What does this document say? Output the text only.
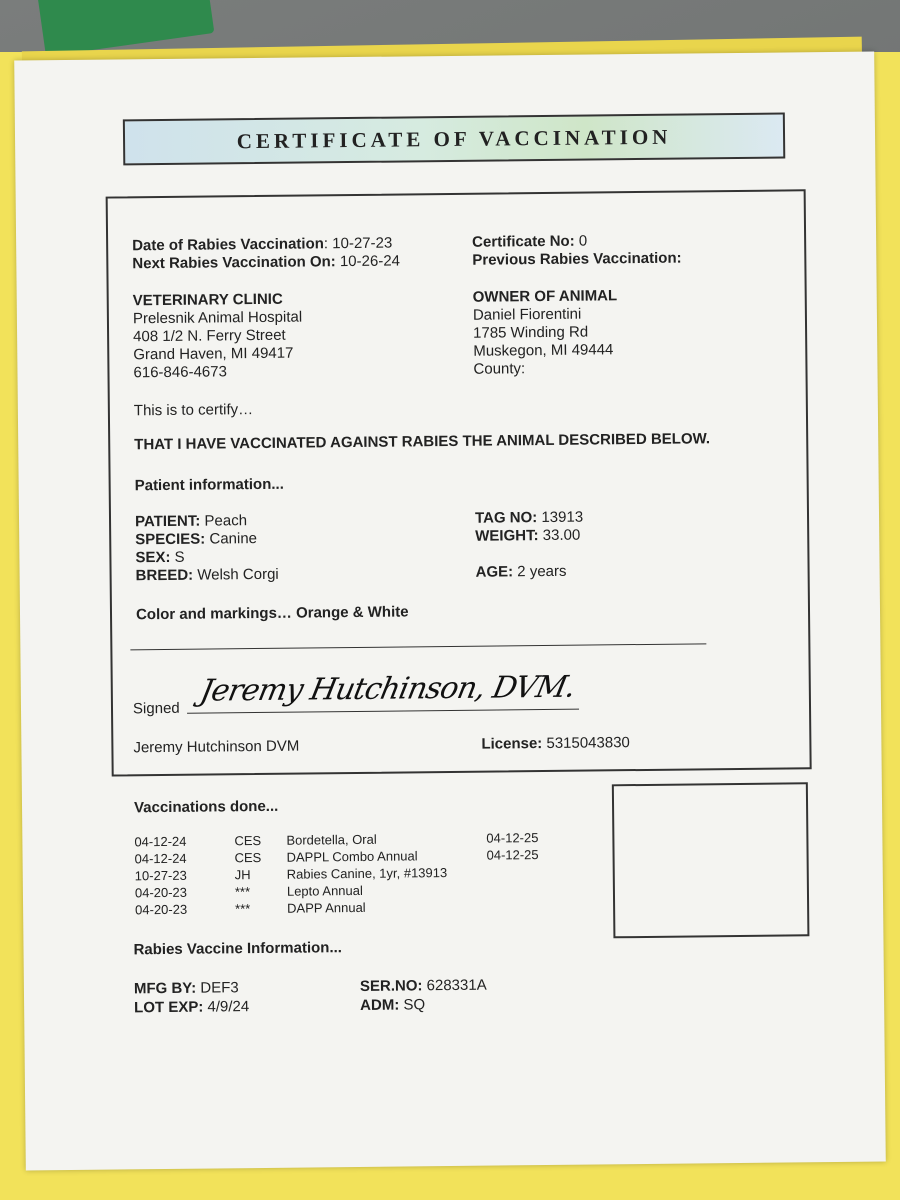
CERTIFICATE OF VACCINATION
Date of Rabies Vaccination: 10-27-23
Next Rabies Vaccination On: 10-26-24
Certificate No: 0
Previous Rabies Vaccination:
VETERINARY CLINIC
Prelesnik Animal Hospital
408 1/2 N. Ferry Street
Grand Haven, MI 49417
616-846-4673
OWNER OF ANIMAL
Daniel Fiorentini
1785 Winding Rd
Muskegon, MI 49444
County:
This is to certify…
THAT I HAVE VACCINATED AGAINST RABIES THE ANIMAL DESCRIBED BELOW.
Patient information...
PATIENT: Peach
SPECIES: Canine
SEX: S
BREED: Welsh Corgi
TAG NO: 13913
WEIGHT: 33.00
AGE: 2 years
Color and markings… Orange & White
Signed Jeremy Hutchinson, DVM.
Jeremy Hutchinson DVM	License: 5315043830
Vaccinations done...
04-12-24	CES	Bordetella, Oral	04-12-25
04-12-24	CES	DAPPL Combo Annual	04-12-25
10-27-23	JH	Rabies Canine, 1yr, #13913	
04-20-23	***	Lepto Annual	
04-20-23	***	DAPP Annual	
Rabies Vaccine Information...
MFG BY: DEF3
LOT EXP: 4/9/24
SER.NO: 628331A
ADM: SQ
